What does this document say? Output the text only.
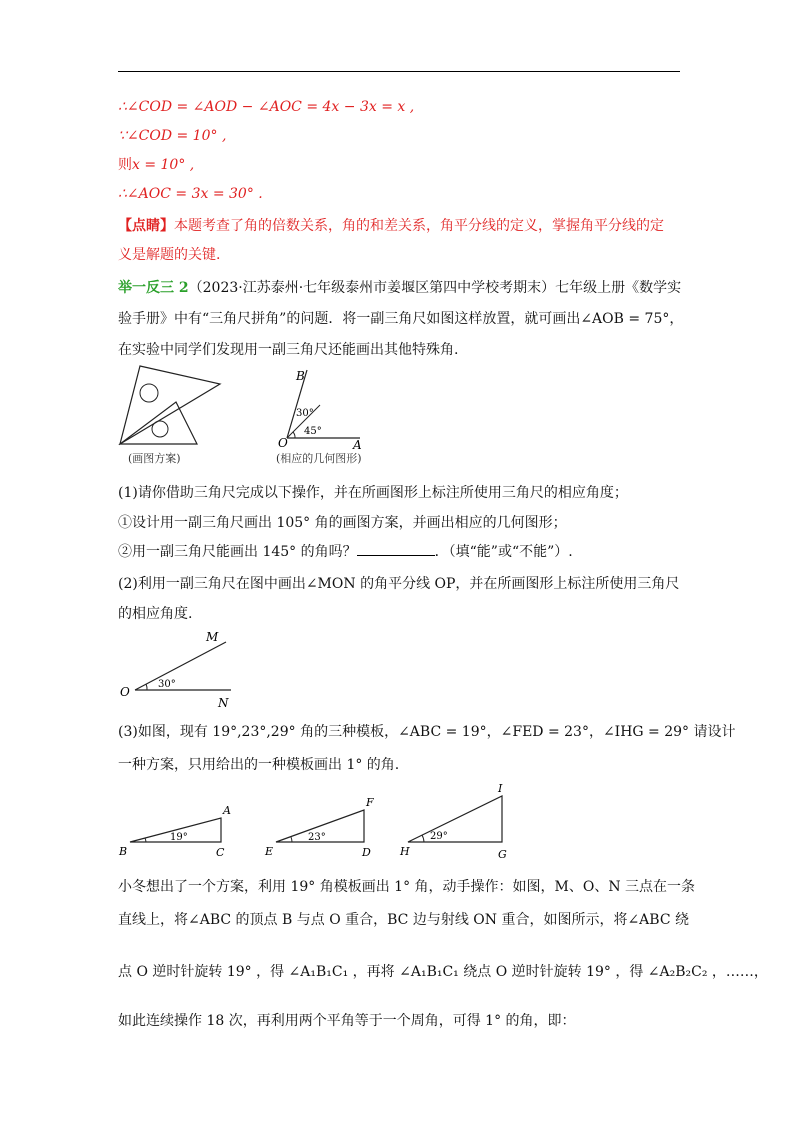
∴∠COD = ∠AOD − ∠AOC = 4x − 3x = x ,
∵∠COD = 10° ,
则x = 10° ,
∴∠AOC = 3x = 30° .
【点睛】本题考查了角的倍数关系，角的和差关系，角平分线的定义，掌握角平分线的定
义是解题的关键.
举一反三 2（2023·江苏泰州·七年级泰州市姜堰区第四中学校考期末）七年级上册《数学实
验手册》中有“三角尺拼角”的问题．将一副三角尺如图这样放置，就可画出∠AOB = 75°，
在实验中同学们发现用一副三角尺还能画出其他特殊角.
(画图方案)
B
O	A
30°
45°
(相应的几何图形)
(1)请你借助三角尺完成以下操作，并在所画图形上标注所使用三角尺的相应角度；
①设计用一副三角尺画出 105° 角的画图方案，并画出相应的几何图形；
②用一副三角尺能画出 145° 的角吗？	．（填“能”或“不能”）.
(2)利用一副三角尺在图中画出∠MON 的角平分线 OP，并在所画图形上标注所使用三角尺
的相应角度.
M
O
N
30°
(3)如图，现有 19°,23°,29° 角的三种模板，∠ABC = 19°，∠FED = 23°，∠IHG = 29° 请设计
一种方案，只用给出的一种模板画出 1° 的角.
A
B	C
19°
F
E	D
23°
I
H	G
29°
小冬想出了一个方案，利用 19° 角模板画出 1° 角，动手操作：如图，M、O、N 三点在一条
直线上，将∠ABC 的顶点 B 与点 O 重合，BC 边与射线 ON 重合，如图所示，将∠ABC 绕
点 O 逆时针旋转 19° ，得 ∠A₁B₁C₁ ，再将 ∠A₁B₁C₁ 绕点 O 逆时针旋转 19° ，得 ∠A₂B₂C₂ ，……，
如此连续操作 18 次，再利用两个平角等于一个周角，可得 1° 的角，即：
